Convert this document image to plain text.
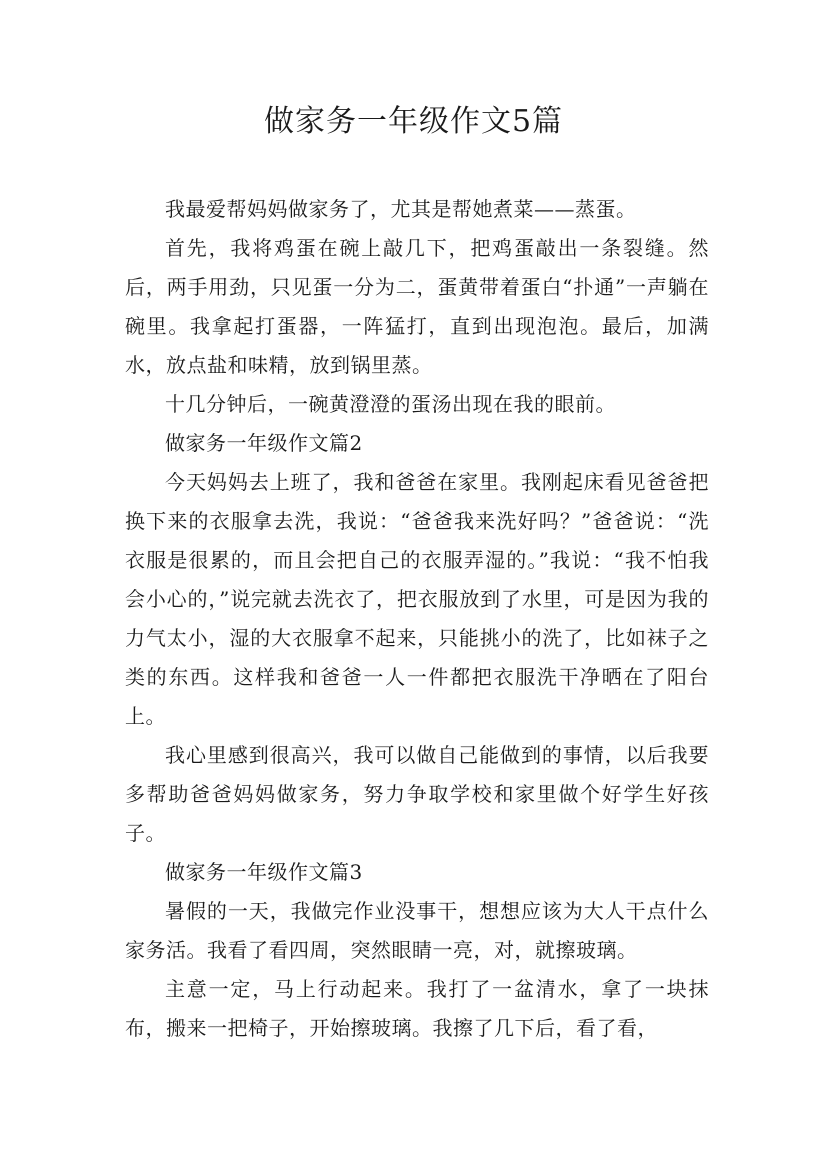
做家务一年级作文5篇

我最爱帮妈妈做家务了，尤其是帮她煮菜——蒸蛋。

首先，我将鸡蛋在碗上敲几下，把鸡蛋敲出一条裂缝。然后，两手用劲，只见蛋一分为二，蛋黄带着蛋白“扑通”一声躺在碗里。我拿起打蛋器，一阵猛打，直到出现泡泡。最后，加满水，放点盐和味精，放到锅里蒸。

十几分钟后，一碗黄澄澄的蛋汤出现在我的眼前。

做家务一年级作文篇2

今天妈妈去上班了，我和爸爸在家里。我刚起床看见爸爸把换下来的衣服拿去洗，我说：“爸爸我来洗好吗？”爸爸说：“洗衣服是很累的，而且会把自己的衣服弄湿的。”我说：“我不怕我会小心的，”说完就去洗衣了，把衣服放到了水里，可是因为我的力气太小，湿的大衣服拿不起来，只能挑小的洗了，比如袜子之类的东西。这样我和爸爸一人一件都把衣服洗干净晒在了阳台上。

我心里感到很高兴，我可以做自己能做到的事情，以后我要多帮助爸爸妈妈做家务，努力争取学校和家里做个好学生好孩子。

做家务一年级作文篇3

暑假的一天，我做完作业没事干，想想应该为大人干点什么家务活。我看了看四周，突然眼睛一亮，对，就擦玻璃。

主意一定，马上行动起来。我打了一盆清水，拿了一块抹布，搬来一把椅子，开始擦玻璃。我擦了几下后，看了看，
